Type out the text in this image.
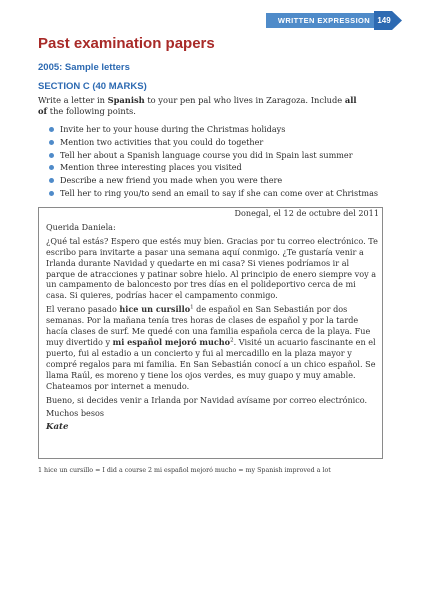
WRITTEN EXPRESSION 149
Past examination papers
2005: Sample letters
SECTION C (40 MARKS)
Write a letter in Spanish to your pen pal who lives in Zaragoza. Include all of the following points.
Invite her to your house during the Christmas holidays
Mention two activities that you could do together
Tell her about a Spanish language course you did in Spain last summer
Mention three interesting places you visited
Describe a new friend you made when you were there
Tell her to ring you/to send an email to say if she can come over at Christmas

Donegal, el 12 de octubre del 2011

Querida Daniela:

¿Qué tal estás? Espero que estés muy bien. Gracias por tu correo electrónico. Te escribo para invitarte a pasar una semana aquí conmigo. ¿Te gustaría venir a Irlanda durante Navidad y quedarte en mi casa? Si vienes podríamos ir al parque de atracciones y patinar sobre hielo. Al principio de enero siempre voy a un campamento de baloncesto por tres días en el polideportivo cerca de mi casa. Si quieres, podrías hacer el campamento conmigo.

El verano pasado hice un cursillo$^1$ de español en San Sebastián por dos semanas. Por la mañana tenía tres horas de clases de español y por la tarde hacía clases de surf. Me quedé con una familia española cerca de la playa. Fue muy divertido y mi español mejoró mucho$^2$. Visité un acuario fascinante en el puerto, fui al estadio a un concierto y fui al mercadillo en la plaza mayor y compré regalos para mi familia. En San Sebastián conocí a un chico español. Se llama Raúl, es moreno y tiene los ojos verdes, es muy guapo y muy amable. Chateamos por internet a menudo.

Bueno, si decides venir a Irlanda por Navidad avísame por correo electrónico.

Muchos besos

Kate

1 hice un cursillo = I did a course 2 mi español mejoró mucho = my Spanish improved a lot
